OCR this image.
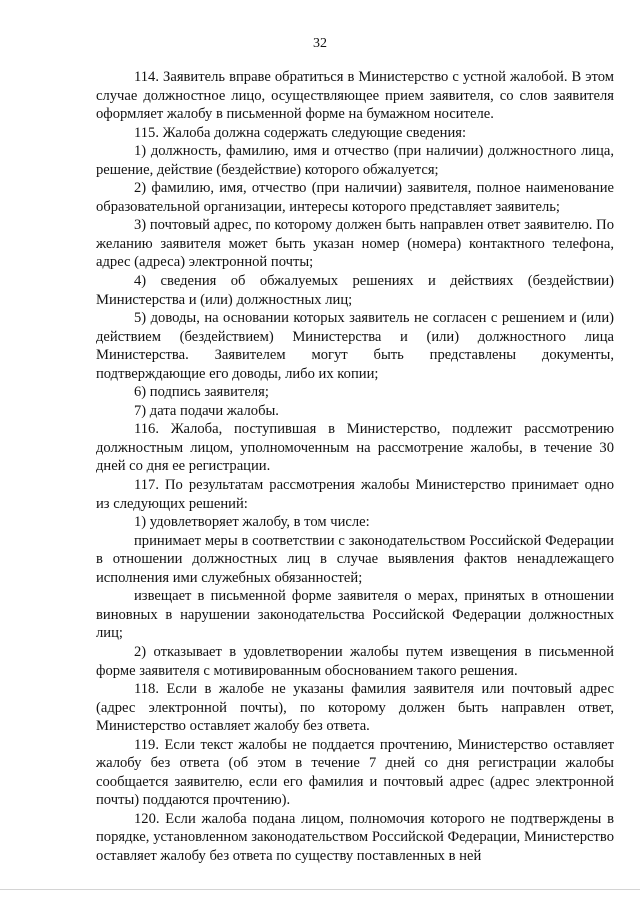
32

114. Заявитель вправе обратиться в Министерство с устной жалобой. В этом случае должностное лицо, осуществляющее прием заявителя, со слов заявителя оформляет жалобу в письменной форме на бумажном носителе.

115. Жалоба должна содержать следующие сведения:

1) должность, фамилию, имя и отчество (при наличии) должностного лица, решение, действие (бездействие) которого обжалуется;

2) фамилию, имя, отчество (при наличии) заявителя, полное наименование образовательной организации, интересы которого представляет заявитель;

3) почтовый адрес, по которому должен быть направлен ответ заявителю. По желанию заявителя может быть указан номер (номера) контактного телефона, адрес (адреса) электронной почты;

4) сведения об обжалуемых решениях и действиях (бездействии) Министерства и (или) должностных лиц;

5) доводы, на основании которых заявитель не согласен с решением и (или) действием (бездействием) Министерства и (или) должностного лица Министерства. Заявителем могут быть представлены документы, подтверждающие его доводы, либо их копии;

6) подпись заявителя;

7) дата подачи жалобы.

116. Жалоба, поступившая в Министерство, подлежит рассмотрению должностным лицом, уполномоченным на рассмотрение жалобы, в течение 30 дней со дня ее регистрации.

117. По результатам рассмотрения жалобы Министерство принимает одно из следующих решений:

1) удовлетворяет жалобу, в том числе:

принимает меры в соответствии с законодательством Российской Федерации в отношении должностных лиц в случае выявления фактов ненадлежащего исполнения ими служебных обязанностей;

извещает в письменной форме заявителя о мерах, принятых в отношении виновных в нарушении законодательства Российской Федерации должностных лиц;

2) отказывает в удовлетворении жалобы путем извещения в письменной форме заявителя с мотивированным обоснованием такого решения.

118. Если в жалобе не указаны фамилия заявителя или почтовый адрес (адрес электронной почты), по которому должен быть направлен ответ, Министерство оставляет жалобу без ответа.

119. Если текст жалобы не поддается прочтению, Министерство оставляет жалобу без ответа (об этом в течение 7 дней со дня регистрации жалобы сообщается заявителю, если его фамилия и почтовый адрес (адрес электронной почты) поддаются прочтению).

120. Если жалоба подана лицом, полномочия которого не подтверждены в порядке, установленном законодательством Российской Федерации, Министерство оставляет жалобу без ответа по существу поставленных в ней
